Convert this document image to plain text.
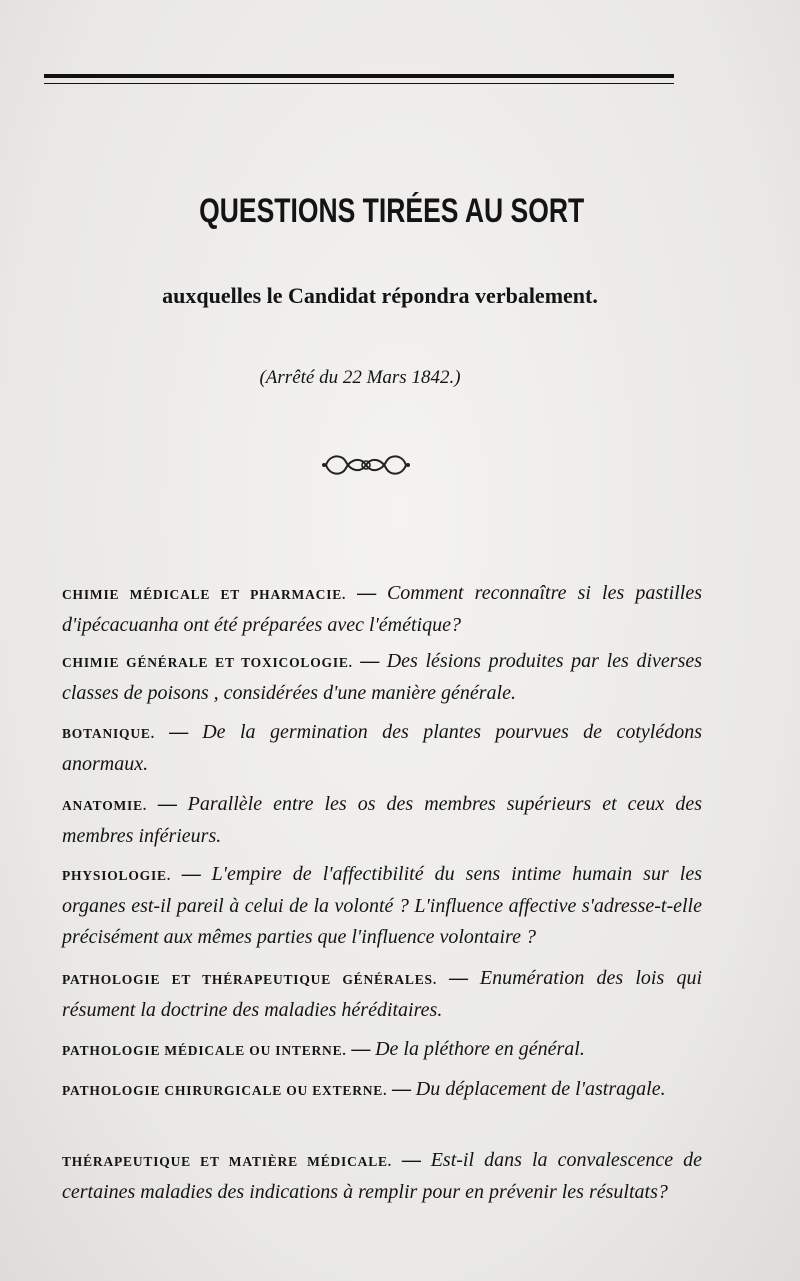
QUESTIONS TIRÉES AU SORT
auxquelles le Candidat répondra verbalement.
(Arrêté du 22 Mars 1842.)
CHIMIE MÉDICALE ET PHARMACIE. — Comment reconnaître si les pastilles d'ipécacuanha ont été préparées avec l'émétique?
CHIMIE GÉNÉRALE ET TOXICOLOGIE. — Des lésions produites par les diverses classes de poisons , considérées d'une manière générale.
BOTANIQUE. — De la germination des plantes pourvues de cotylédons anormaux.
ANATOMIE. — Parallèle entre les os des membres supérieurs et ceux des membres inférieurs.
PHYSIOLOGIE. — L'empire de l'affectibilité du sens intime humain sur les organes est-il pareil à celui de la volonté ? L'influence affective s'adresse-t-elle précisément aux mêmes parties que l'influence volontaire ?
PATHOLOGIE ET THÉRAPEUTIQUE GÉNÉRALES. — Enumération des lois qui résument la doctrine des maladies héréditaires.
PATHOLOGIE MÉDICALE OU INTERNE. — De la pléthore en général.
PATHOLOGIE CHIRURGICALE OU EXTERNE. — Du déplacement de l'astragale.
THÉRAPEUTIQUE ET MATIÈRE MÉDICALE. — Est-il dans la convalescence de certaines maladies des indications à remplir pour en prévenir les résultats?
